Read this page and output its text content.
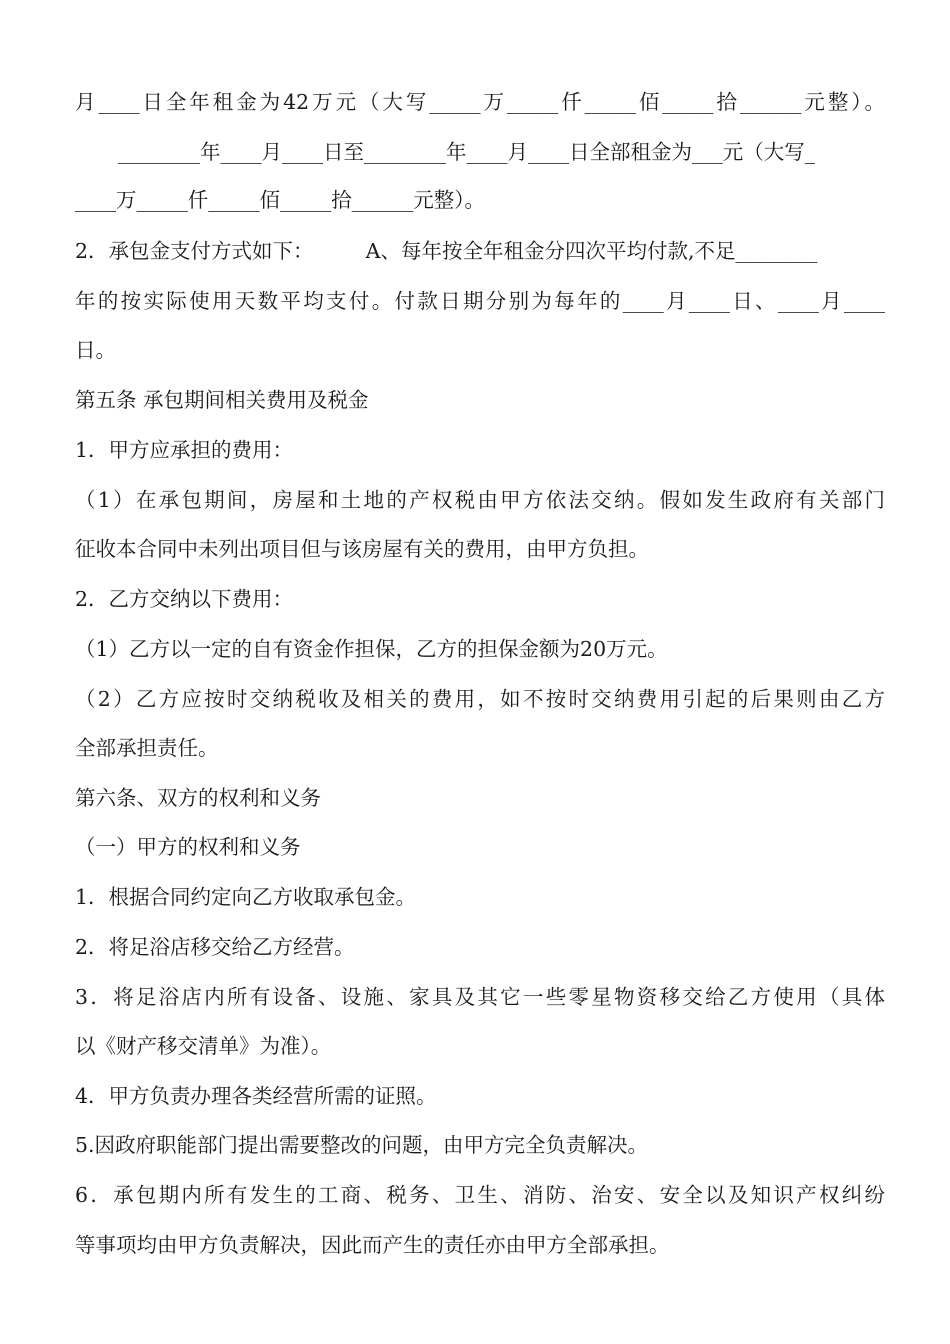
月____日全年租金为42万元（大写_____万_____仟_____佰_____拾______元整）。
________年____月____日至________年____月____日全部租金为___元（大写_
____万_____仟_____佰_____拾______元整）。
2．承包金支付方式如下：        A、每年按全年租金分四次平均付款,不足________
年的按实际使用天数平均支付。付款日期分别为每年的____月____日、____月____
日。
第五条 承包期间相关费用及税金
1．甲方应承担的费用：
（1）在承包期间，房屋和土地的产权税由甲方依法交纳。假如发生政府有关部门
征收本合同中未列出项目但与该房屋有关的费用，由甲方负担。
2．乙方交纳以下费用：
（1）乙方以一定的自有资金作担保，乙方的担保金额为20万元。
（2）乙方应按时交纳税收及相关的费用，如不按时交纳费用引起的后果则由乙方
全部承担责任。
第六条、双方的权利和义务
（一）甲方的权利和义务
1．根据合同约定向乙方收取承包金。
2．将足浴店移交给乙方经营。
3．将足浴店内所有设备、设施、家具及其它一些零星物资移交给乙方使用（具体
以《财产移交清单》为准）。
4．甲方负责办理各类经营所需的证照。
5.因政府职能部门提出需要整改的问题，由甲方完全负责解决。
6．承包期内所有发生的工商、税务、卫生、消防、治安、安全以及知识产权纠纷
等事项均由甲方负责解决，因此而产生的责任亦由甲方全部承担。
